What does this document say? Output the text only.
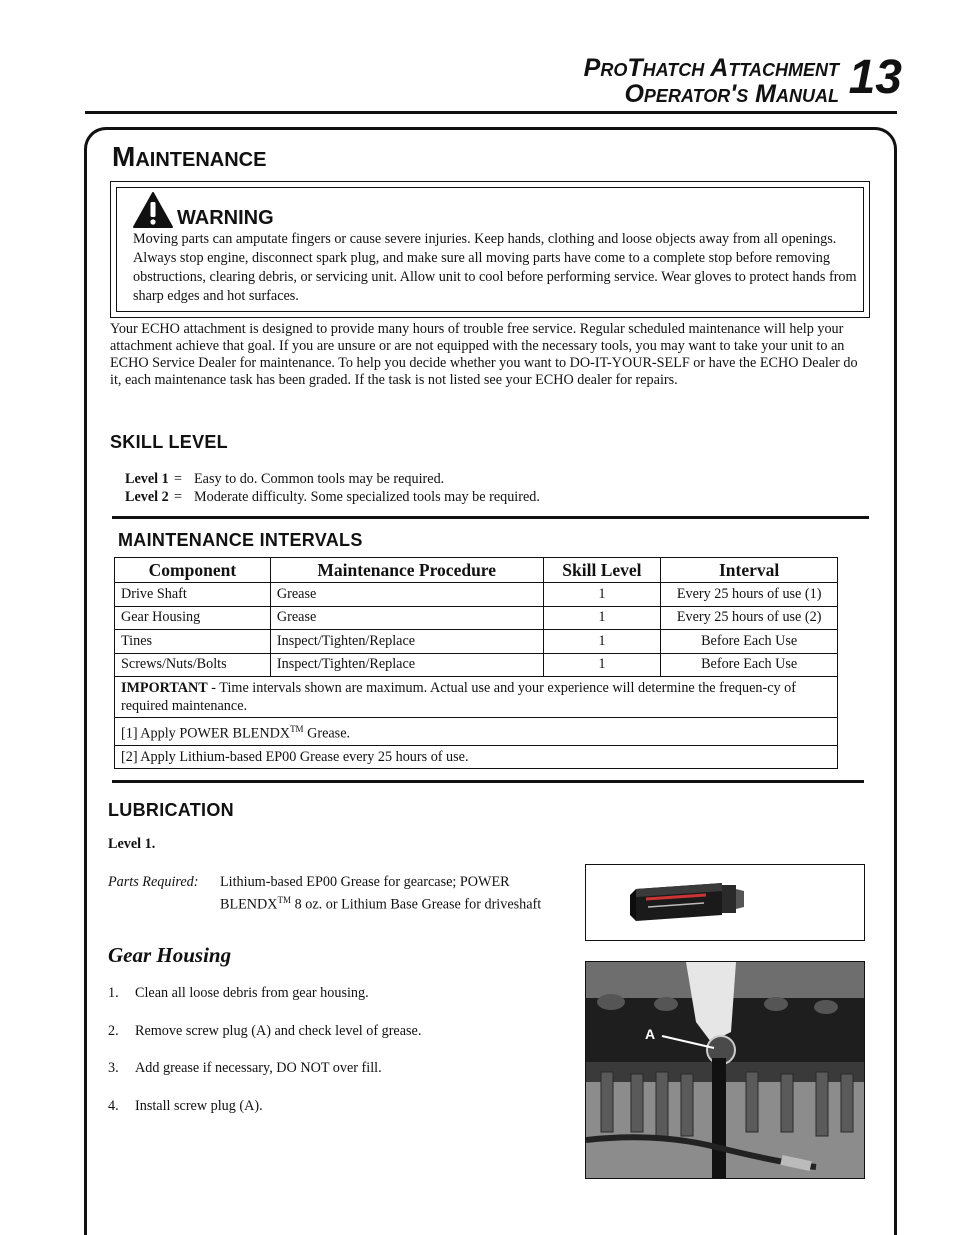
ProThatch Attachment
Operator's Manual 13
Maintenance
WARNING
Moving parts can amputate fingers or cause severe injuries. Keep hands, clothing and loose objects away from all openings. Always stop engine, disconnect spark plug, and make sure all moving parts have come to a complete stop before removing obstructions, clearing debris, or servicing unit. Allow unit to cool before performing service. Wear gloves to protect hands from sharp edges and hot surfaces.
Your ECHO attachment is designed to provide many hours of trouble free service. Regular scheduled maintenance will help your attachment achieve that goal. If you are unsure or are not equipped with the necessary tools, you may want to take your unit to an ECHO Service Dealer for maintenance. To help you decide whether you want to DO-IT-YOUR-SELF or have the ECHO Dealer do it, each maintenance task has been graded. If the task is not listed see your ECHO dealer for repairs.
SKILL LEVEL
Level 1 = Easy to do. Common tools may be required.
Level 2 = Moderate difficulty. Some specialized tools may be required.
MAINTENANCE INTERVALS
Component	Maintenance Procedure	Skill Level	Interval
Drive Shaft	Grease	1	Every 25 hours of use (1)
Gear Housing	Grease	1	Every 25 hours of use (2)
Tines	Inspect/Tighten/Replace	1	Before Each Use
Screws/Nuts/Bolts	Inspect/Tighten/Replace	1	Before Each Use
IMPORTANT - Time intervals shown are maximum. Actual use and your experience will determine the frequen-cy of required maintenance.			
[1] Apply POWER BLENDX™ Grease.			
[2] Apply Lithium-based EP00 Grease every 25 hours of use.			
LUBRICATION
Level 1.
Parts Required: Lithium-based EP00 Grease for gearcase; POWER BLENDX™ 8 oz. or Lithium Base Grease for driveshaft
Gear Housing
1.	Clean all loose debris from gear housing.
2.	Remove screw plug (A) and check level of grease.
3.	Add grease if necessary, DO NOT over fill.
4.	Install screw plug (A).
A
